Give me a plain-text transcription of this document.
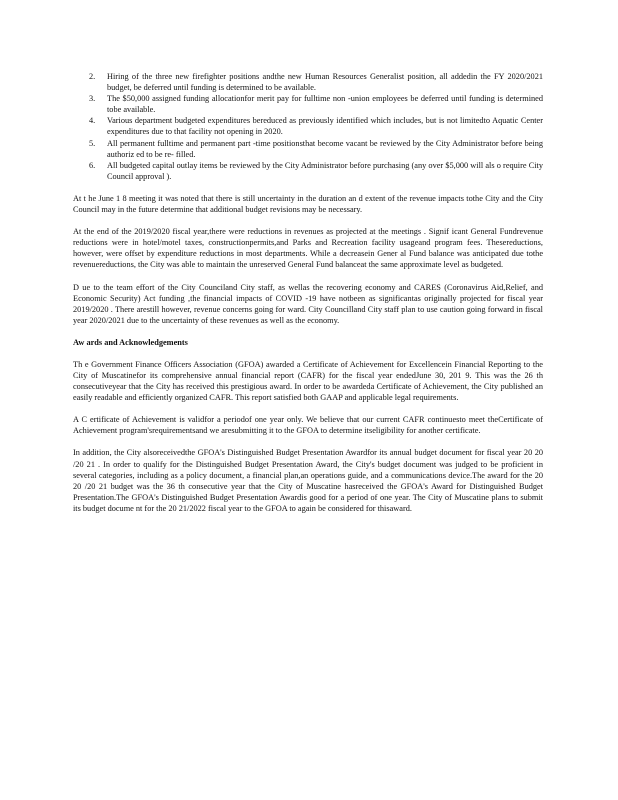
2. Hiring of the three new firefighter positions andthe new Human Resources Generalist position, all addedin the FY 2020/2021 budget, be deferred until funding is determined to be available.
3. The $50,000 assigned funding allocationfor merit pay for fulltime non -union employees be deferred until funding is determined tobe available.
4. Various department budgeted expenditures bereduced as previously identified which includes, but is not limitedto Aquatic Center expenditures due to that facility not opening in 2020.
5. All permanent fulltime and permanent part -time positionsthat become vacant be reviewed by the City Administrator before being authoriz ed to be re- filled.
6. All budgeted capital outlay items be reviewed by the City Administrator before purchasing (any over $5,000 will als o require City Council approval ).

At t he June 1 8 meeting it was noted that there is still uncertainty in the duration an d extent of the revenue impacts tothe City and the City Council may in the future determine that additional budget revisions may be necessary.

At the end of the 2019/2020 fiscal year,there were reductions in revenues as projected at the meetings . Signif icant General Fundrevenue reductions were in hotel/motel taxes, constructionpermits,and Parks and Recreation facility usageand program fees. Thesereductions, however, were offset by expenditure reductions in most departments. While a decreasein Gener al Fund balance was anticipated due tothe revenuereductions, the City was able to maintain the unreserved General Fund balanceat the same approximate level as budgeted.

D ue to the team effort of the City Counciland City staff, as wellas the recovering economy and CARES (Coronavirus Aid,Relief, and Economic Security) Act funding ,the financial impacts of COVID -19 have notbeen as significantas originally projected for fiscal year 2019/2020 . There arestill however, revenue concerns going for ward. City Councilland City staff plan to use caution going forward in fiscal year 2020/2021 due to the uncertainty of these revenues as well as the economy.

Aw ards and Acknowledgements

Th e Government Finance Officers Association (GFOA) awarded a Certificate of Achievement for Excellencein Financial Reporting to the City of Muscatinefor its comprehensive annual financial report (CAFR) for the fiscal year endedJune 30, 201 9. This was the 26 th consecutiveyear that the City has received this prestigious award. In order to be awardeda Certificate of Achievement, the City published an easily readable and efficiently organized CAFR. This report satisfied both GAAP and applicable legal requirements.

A C ertificate of Achievement is validfor a periodof one year only. We believe that our current CAFR continuesto meet theCertificate of Achievement program'srequirementsand we aresubmitting it to the GFOA to determine itseligibility for another certificate.

In addition, the City alsoreceivedthe GFOA's Distinguished Budget Presentation Awardfor its annual budget document for fiscal year 20 20 /20 21 . In order to qualify for the Distinguished Budget Presentation Award, the City's budget document was judged to be proficient in several categories, including as a policy document, a financial plan,an operations guide, and a communications device.The award for the 20 20 /20 21 budget was the 36 th consecutive year that the City of Muscatine hasreceived the GFOA's Award for Distinguished Budget Presentation.The GFOA's Distinguished Budget Presentation Awardis good for a period of one year. The City of Muscatine plans to submit its budget docume nt for the 20 21/2022 fiscal year to the GFOA to again be considered for thisaward.
